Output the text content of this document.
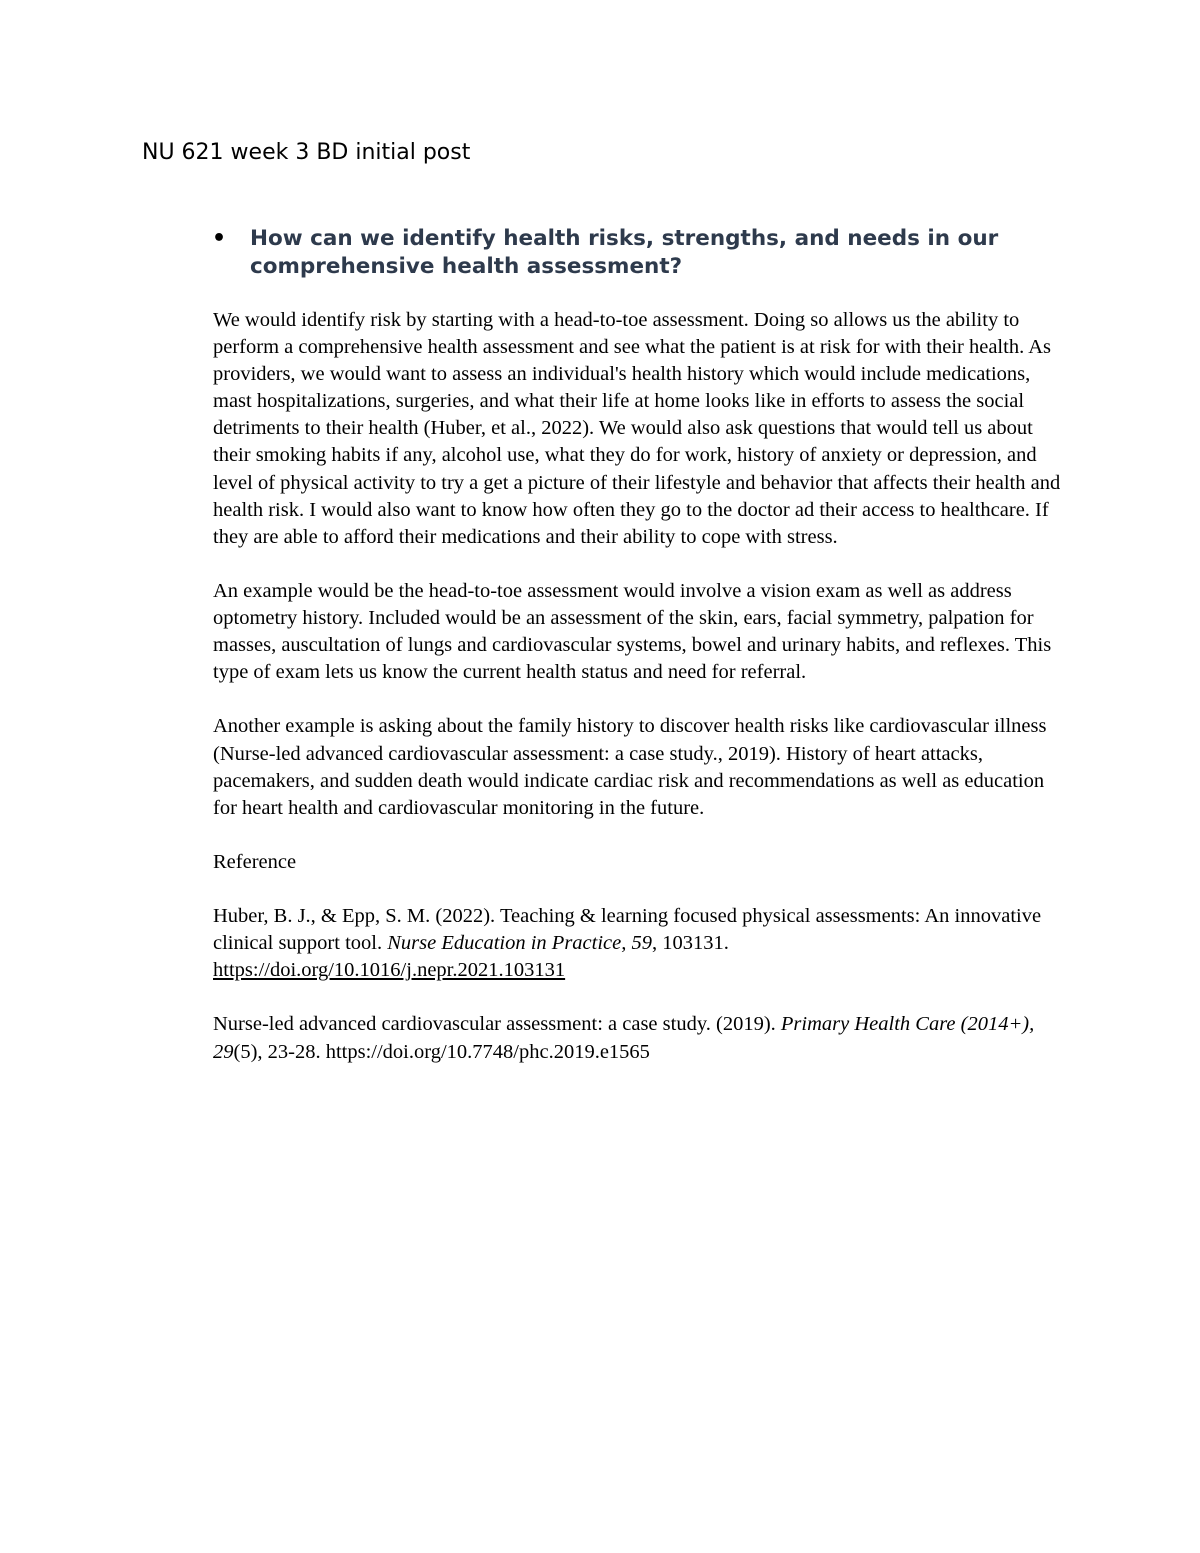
NU 621 week 3 BD initial post
• How can we identify health risks, strengths, and needs in our comprehensive health assessment?

We would identify risk by starting with a head-to-toe assessment. Doing so allows us the ability to perform a comprehensive health assessment and see what the patient is at risk for with their health. As providers, we would want to assess an individual's health history which would include medications, mast hospitalizations, surgeries, and what their life at home looks like in efforts to assess the social detriments to their health (Huber, et al., 2022). We would also ask questions that would tell us about their smoking habits if any, alcohol use, what they do for work, history of anxiety or depression, and level of physical activity to try a get a picture of their lifestyle and behavior that affects their health and health risk. I would also want to know how often they go to the doctor ad their access to healthcare. If they are able to afford their medications and their ability to cope with stress.

An example would be the head-to-toe assessment would involve a vision exam as well as address optometry history. Included would be an assessment of the skin, ears, facial symmetry, palpation for masses, auscultation of lungs and cardiovascular systems, bowel and urinary habits, and reflexes. This type of exam lets us know the current health status and need for referral.

Another example is asking about the family history to discover health risks like cardiovascular illness (Nurse-led advanced cardiovascular assessment: a case study., 2019). History of heart attacks, pacemakers, and sudden death would indicate cardiac risk and recommendations as well as education for heart health and cardiovascular monitoring in the future.

Reference

Huber, B. J., & Epp, S. M. (2022). Teaching & learning focused physical assessments: An innovative clinical support tool. Nurse Education in Practice, 59, 103131. https://doi.org/10.1016/j.nepr.2021.103131

Nurse-led advanced cardiovascular assessment: a case study. (2019). Primary Health Care (2014+), 29(5), 23-28. https://doi.org/10.7748/phc.2019.e1565
